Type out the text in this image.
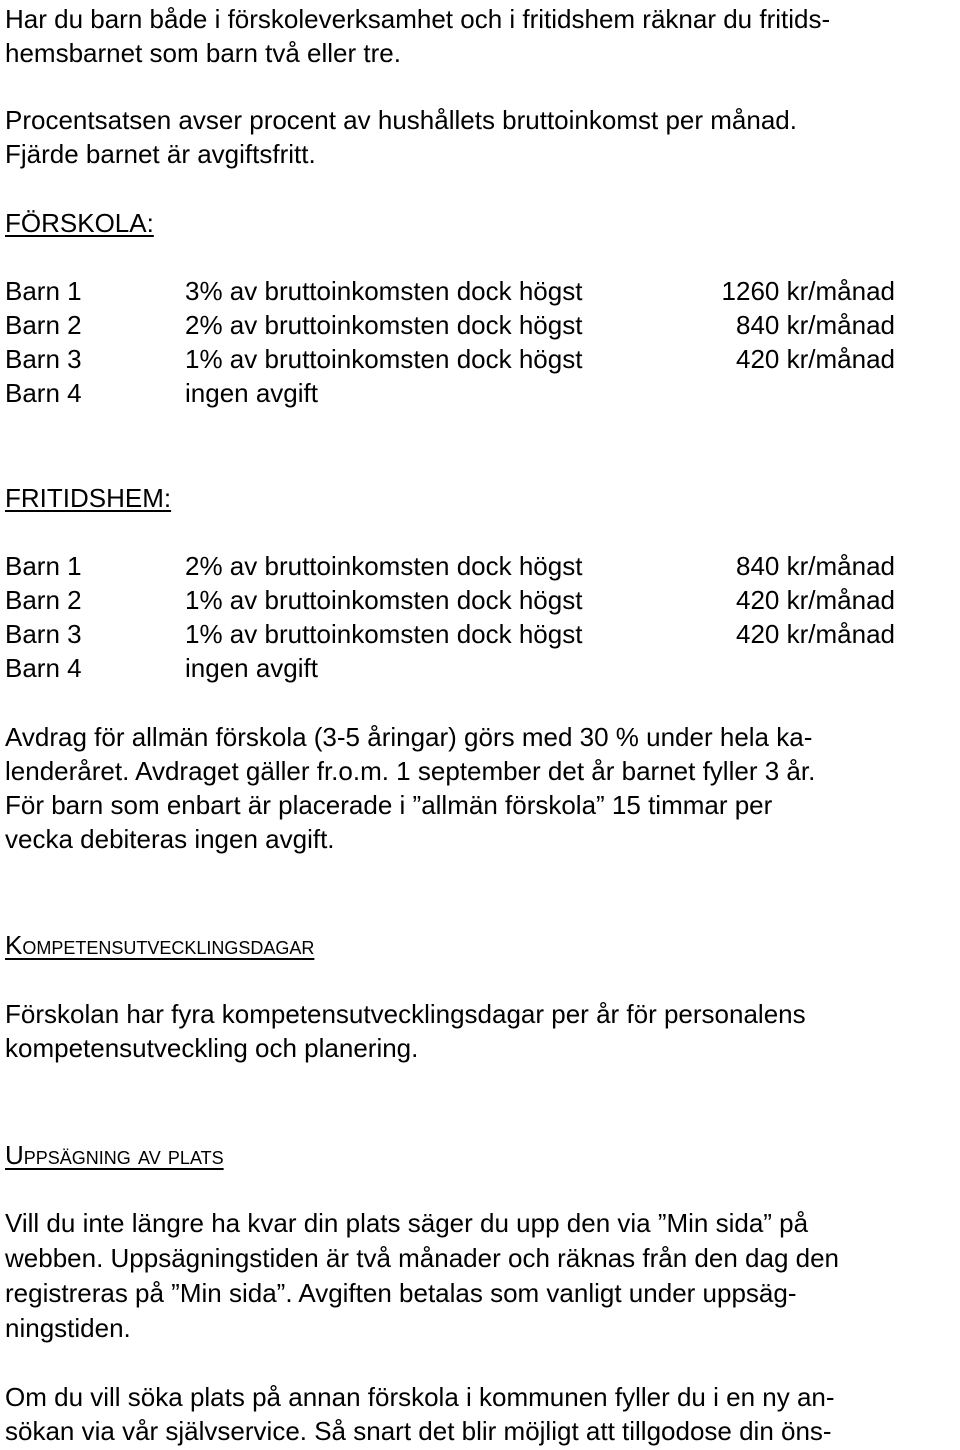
Har du barn både i förskoleverksamhet och i fritidshem räknar du fritids-
hemsbarnet som barn två eller tre.
Procentsatsen avser procent av hushållets bruttoinkomst per månad.
Fjärde barnet är avgiftsfritt.
FÖRSKOLA:
Barn 1	3% av bruttoinkomsten dock högst	1260 kr/månad
Barn 2	2% av bruttoinkomsten dock högst	840 kr/månad
Barn 3	1% av bruttoinkomsten dock högst	420 kr/månad
Barn 4	ingen avgift
FRITIDSHEM:
Barn 1	2% av bruttoinkomsten dock högst	840 kr/månad
Barn 2	1% av bruttoinkomsten dock högst	420 kr/månad
Barn 3	1% av bruttoinkomsten dock högst	420 kr/månad
Barn 4	ingen avgift
Avdrag för allmän förskola (3-5 åringar) görs med 30 % under hela ka-
lenderåret. Avdraget gäller fr.o.m. 1 september det år barnet fyller 3 år.
För barn som enbart är placerade i ”allmän förskola” 15 timmar per
vecka debiteras ingen avgift.
Kompetensutvecklingsdagar
Förskolan har fyra kompetensutvecklingsdagar per år för personalens
kompetensutveckling och planering.
Uppsägning av plats
Vill du inte längre ha kvar din plats säger du upp den via ”Min sida” på
webben. Uppsägningstiden är två månader och räknas från den dag den
registreras på ”Min sida”. Avgiften betalas som vanligt under uppsäg-
ningstiden.
Om du vill söka plats på annan förskola i kommunen fyller du i en ny an-
sökan via vår självservice. Så snart det blir möjligt att tillgodose din öns-
